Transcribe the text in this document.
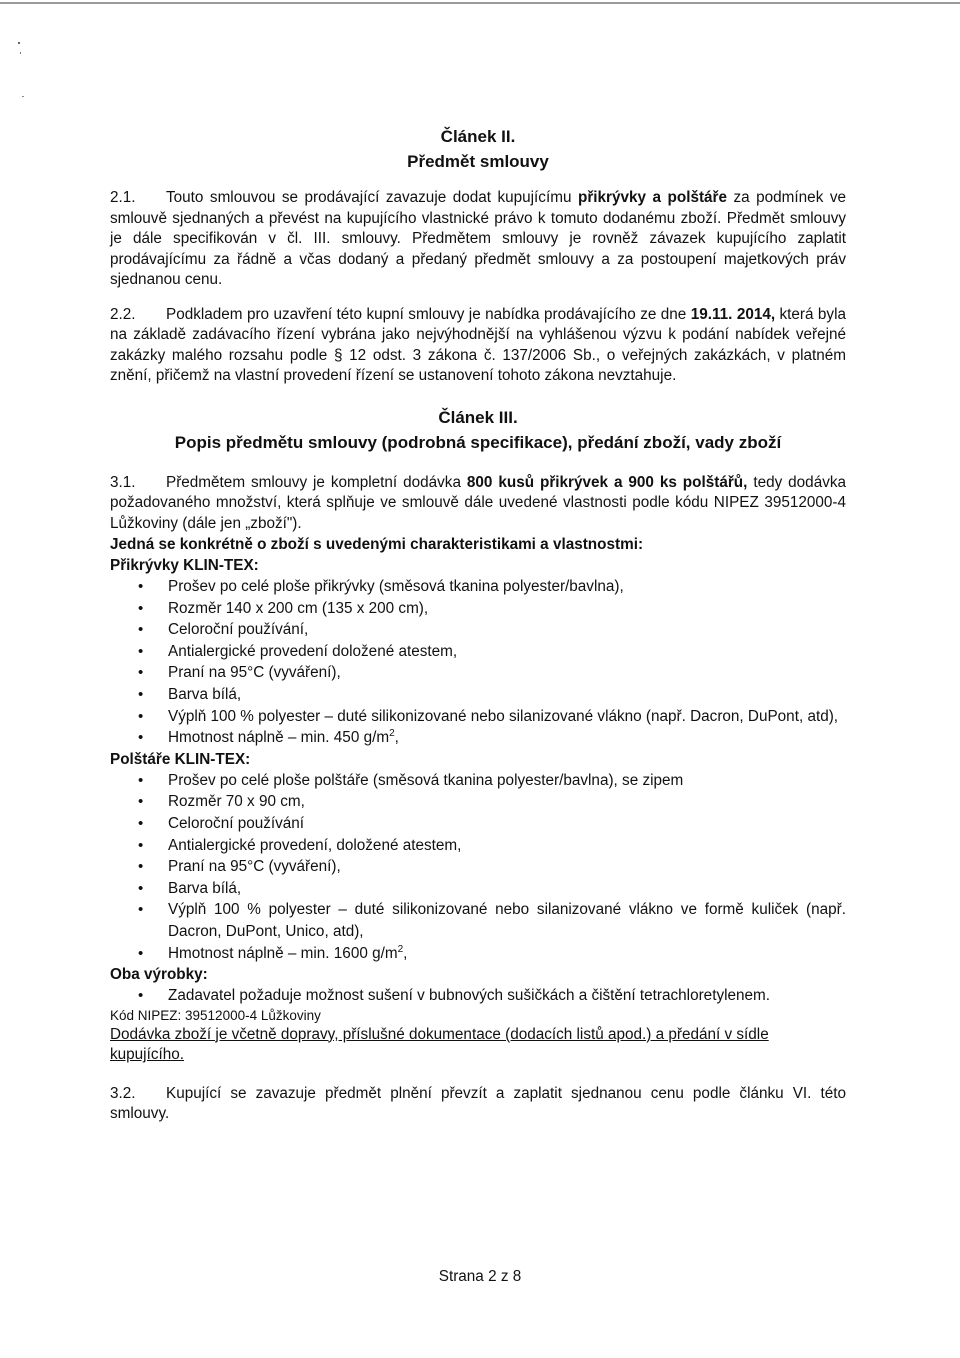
Článek II.

Předmět smlouvy

2.1. Touto smlouvou se prodávající zavazuje dodat kupujícímu přikrývky a polštáře za podmínek ve smlouvě sjednaných a převést na kupujícího vlastnické právo k tomuto dodanému zboží. Předmět smlouvy je dále specifikován v čl. III. smlouvy. Předmětem smlouvy je rovněž závazek kupujícího zaplatit prodávajícímu za řádně a včas dodaný a předaný předmět smlouvy a za postoupení majetkových práv sjednanou cenu.

2.2. Podkladem pro uzavření této kupní smlouvy je nabídka prodávajícího ze dne 19.11. 2014, která byla na základě zadávacího řízení vybrána jako nejvýhodnější na vyhlášenou výzvu k podání nabídek veřejné zakázky malého rozsahu podle § 12 odst. 3 zákona č. 137/2006 Sb., o veřejných zakázkách, v platném znění, přičemž na vlastní provedení řízení se ustanovení tohoto zákona nevztahuje.

Článek III.

Popis předmětu smlouvy (podrobná specifikace), předání zboží, vady zboží

3.1. Předmětem smlouvy je kompletní dodávka 800 kusů přikrývek a 900 ks polštářů, tedy dodávka požadovaného množství, která splňuje ve smlouvě dále uvedené vlastnosti podle kódu NIPEZ 39512000-4 Lůžkoviny (dále jen „zboží").

Jedná se konkrétně o zboží s uvedenými charakteristikami a vlastnostmi:

Přikrývky KLIN-TEX:

• Prošev po celé ploše přikrývky (směsová tkanina polyester/bavlna),
• Rozměr 140 x 200 cm (135 x 200 cm),
• Celoroční používání,
• Antialergické provedení doložené atestem,
• Praní na 95°C (vyváření),
• Barva bílá,
• Výplň 100 % polyester – duté silikonizované nebo silanizované vlákno (např. Dacron, DuPont, atd),
• Hmotnost náplně – min. 450 $g/m^2$,

Polštáře KLIN-TEX:

• Prošev po celé ploše polštáře (směsová tkanina polyester/bavlna), se zipem
• Rozměr 70 x 90 cm,
• Celoroční používání
• Antialergické provedení, doložené atestem,
• Praní na 95°C (vyváření),
• Barva bílá,
• Výplň 100 % polyester – duté silikonizované nebo silanizované vlákno ve formě kuliček (např. Dacron, DuPont, Unico, atd),
• Hmotnost náplně – min. 1600 $g/m^2$,

Oba výrobky:

• Zadavatel požaduje možnost sušení v bubnových sušičkách a čištění tetrachloretylenem.

Kód NIPEZ: 39512000-4 Lůžkoviny

Dodávka zboží je včetně dopravy, příslušné dokumentace (dodacích listů apod.) a předání v sídle kupujícího.

3.2. Kupující se zavazuje předmět plnění převzít a zaplatit sjednanou cenu podle článku VI. této smlouvy.

Strana 2 z 8
